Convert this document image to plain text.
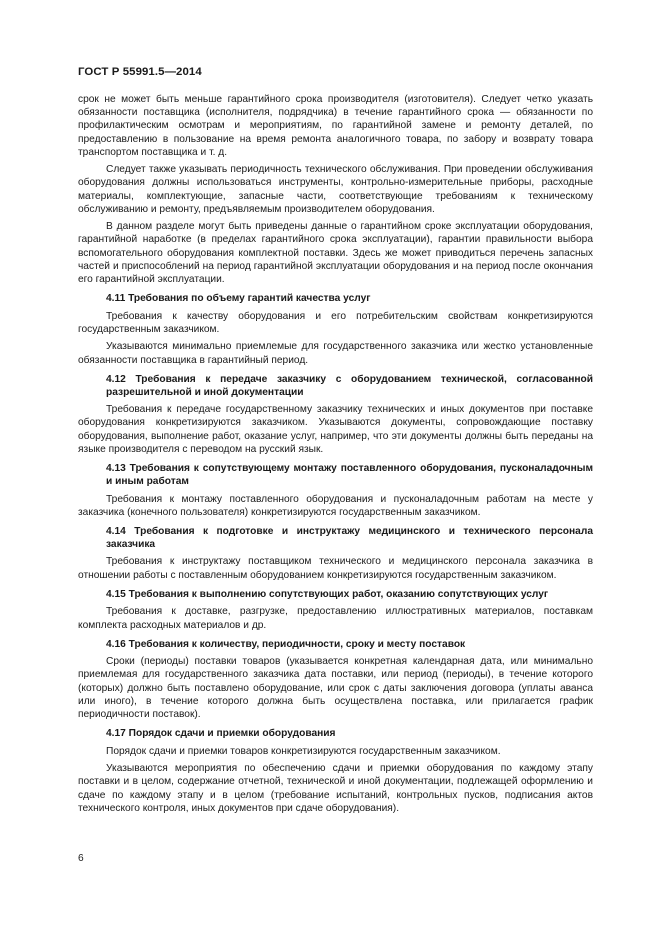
ГОСТ Р 55991.5—2014

срок не может быть меньше гарантийного срока производителя (изготовителя). Следует четко указать обязанности поставщика (исполнителя, подрядчика) в течение гарантийного срока — обязанности по профилактическим осмотрам и мероприятиям, по гарантийной замене и ремонту деталей, по предоставлению в пользование на время ремонта аналогичного товара, по забору и возврату товара транспортом поставщика и т. д.

Следует также указывать периодичность технического обслуживания. При проведении обслуживания оборудования должны использоваться инструменты, контрольно-измерительные приборы, расходные материалы, комплектующие, запасные части, соответствующие требованиям к техническому обслуживанию и ремонту, предъявляемым производителем оборудования.

В данном разделе могут быть приведены данные о гарантийном сроке эксплуатации оборудования, гарантийной наработке (в пределах гарантийного срока эксплуатации), гарантии правильности выбора вспомогательного оборудования комплектной поставки. Здесь же может приводиться перечень запасных частей и приспособлений на период гарантийной эксплуатации оборудования и на период после окончания его гарантийной эксплуатации.

4.11 Требования по объему гарантий качества услуг

Требования к качеству оборудования и его потребительским свойствам конкретизируются государственным заказчиком.

Указываются минимально приемлемые для государственного заказчика или жестко установленные обязанности поставщика в гарантийный период.

4.12 Требования к передаче заказчику с оборудованием технической, согласованной разрешительной и иной документации

Требования к передаче государственному заказчику технических и иных документов при поставке оборудования конкретизируются заказчиком. Указываются документы, сопровождающие поставку оборудования, выполнение работ, оказание услуг, например, что эти документы должны быть переданы на языке производителя с переводом на русский язык.

4.13 Требования к сопутствующему монтажу поставленного оборудования, пусконаладочным и иным работам

Требования к монтажу поставленного оборудования и пусконаладочным работам на месте у заказчика (конечного пользователя) конкретизируются государственным заказчиком.

4.14 Требования к подготовке и инструктажу медицинского и технического персонала заказчика

Требования к инструктажу поставщиком технического и медицинского персонала заказчика в отношении работы с поставленным оборудованием конкретизируются государственным заказчиком.

4.15 Требования к выполнению сопутствующих работ, оказанию сопутствующих услуг

Требования к доставке, разгрузке, предоставлению иллюстративных материалов, поставкам комплекта расходных материалов и др.

4.16 Требования к количеству, периодичности, сроку и месту поставок

Сроки (периоды) поставки товаров (указывается конкретная календарная дата, или минимально приемлемая для государственного заказчика дата поставки, или период (периоды), в течение которого (которых) должно быть поставлено оборудование, или срок с даты заключения договора (уплаты аванса или иного), в течение которого должна быть осуществлена поставка, или прилагается график периодичности поставок).

4.17 Порядок сдачи и приемки оборудования

Порядок сдачи и приемки товаров конкретизируются государственным заказчиком.

Указываются мероприятия по обеспечению сдачи и приемки оборудования по каждому этапу поставки и в целом, содержание отчетной, технической и иной документации, подлежащей оформлению и сдаче по каждому этапу и в целом (требование испытаний, контрольных пусков, подписания актов технического контроля, иных документов при сдаче оборудования).

6
